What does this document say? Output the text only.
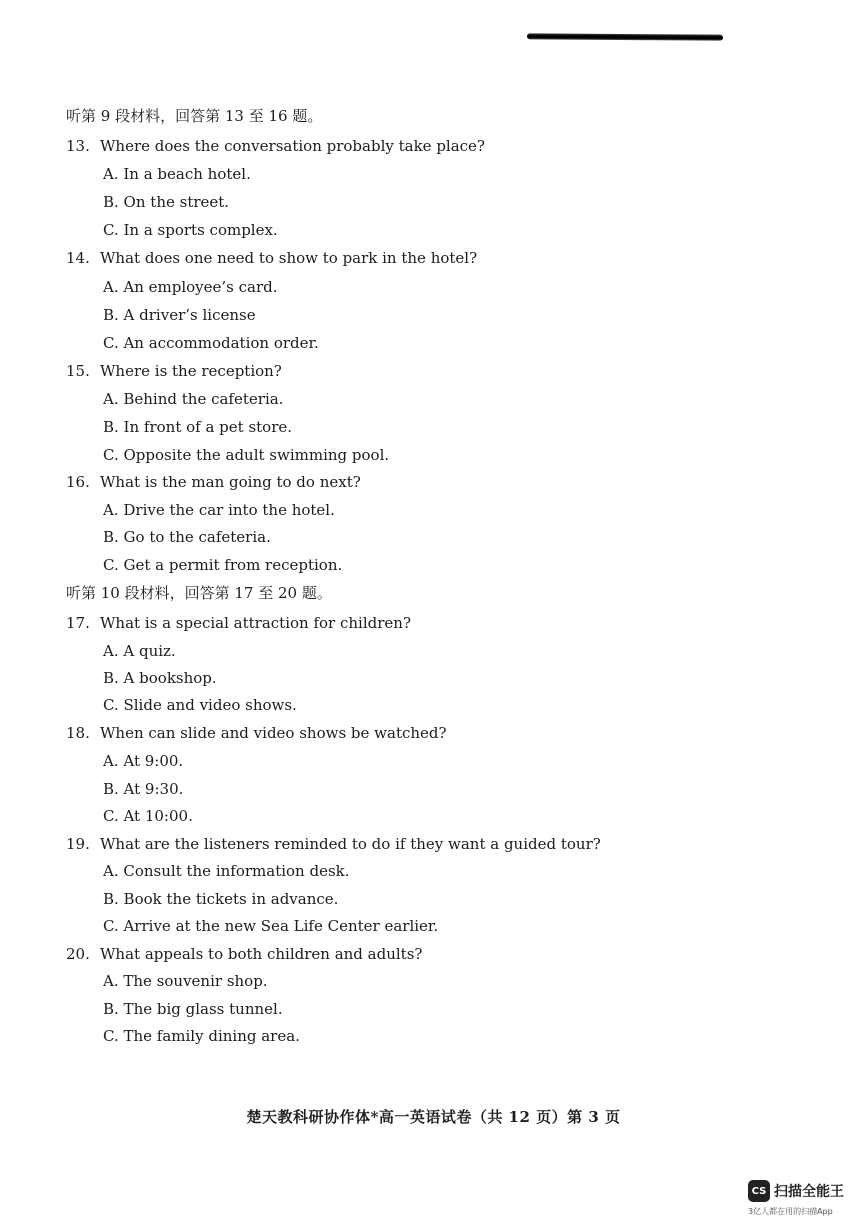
听第 9 段材料，回答第 13 至 16 题。
13. Where does the conversation probably take place?
A. In a beach hotel.
B. On the street.
C. In a sports complex.
14. What does one need to show to park in the hotel?
A. An employee’s card.
B. A driver’s license
C. An accommodation order.
15. Where is the reception?
A. Behind the cafeteria.
B. In front of a pet store.
C. Opposite the adult swimming pool.
16. What is the man going to do next?
A. Drive the car into the hotel.
B. Go to the cafeteria.
C. Get a permit from reception.
听第 10 段材料，回答第 17 至 20 题。
17. What is a special attraction for children?
A. A quiz.
B. A bookshop.
C. Slide and video shows.
18. When can slide and video shows be watched?
A. At 9:00.
B. At 9:30.
C. At 10:00.
19. What are the listeners reminded to do if they want a guided tour?
A. Consult the information desk.
B. Book the tickets in advance.
C. Arrive at the new Sea Life Center earlier.
20. What appeals to both children and adults?
A. The souvenir shop.
B. The big glass tunnel.
C. The family dining area.
楚天教科研协作体*高一英语试卷（共 12 页）第 3 页
CS 扫描全能王
3亿人都在用的扫描App
